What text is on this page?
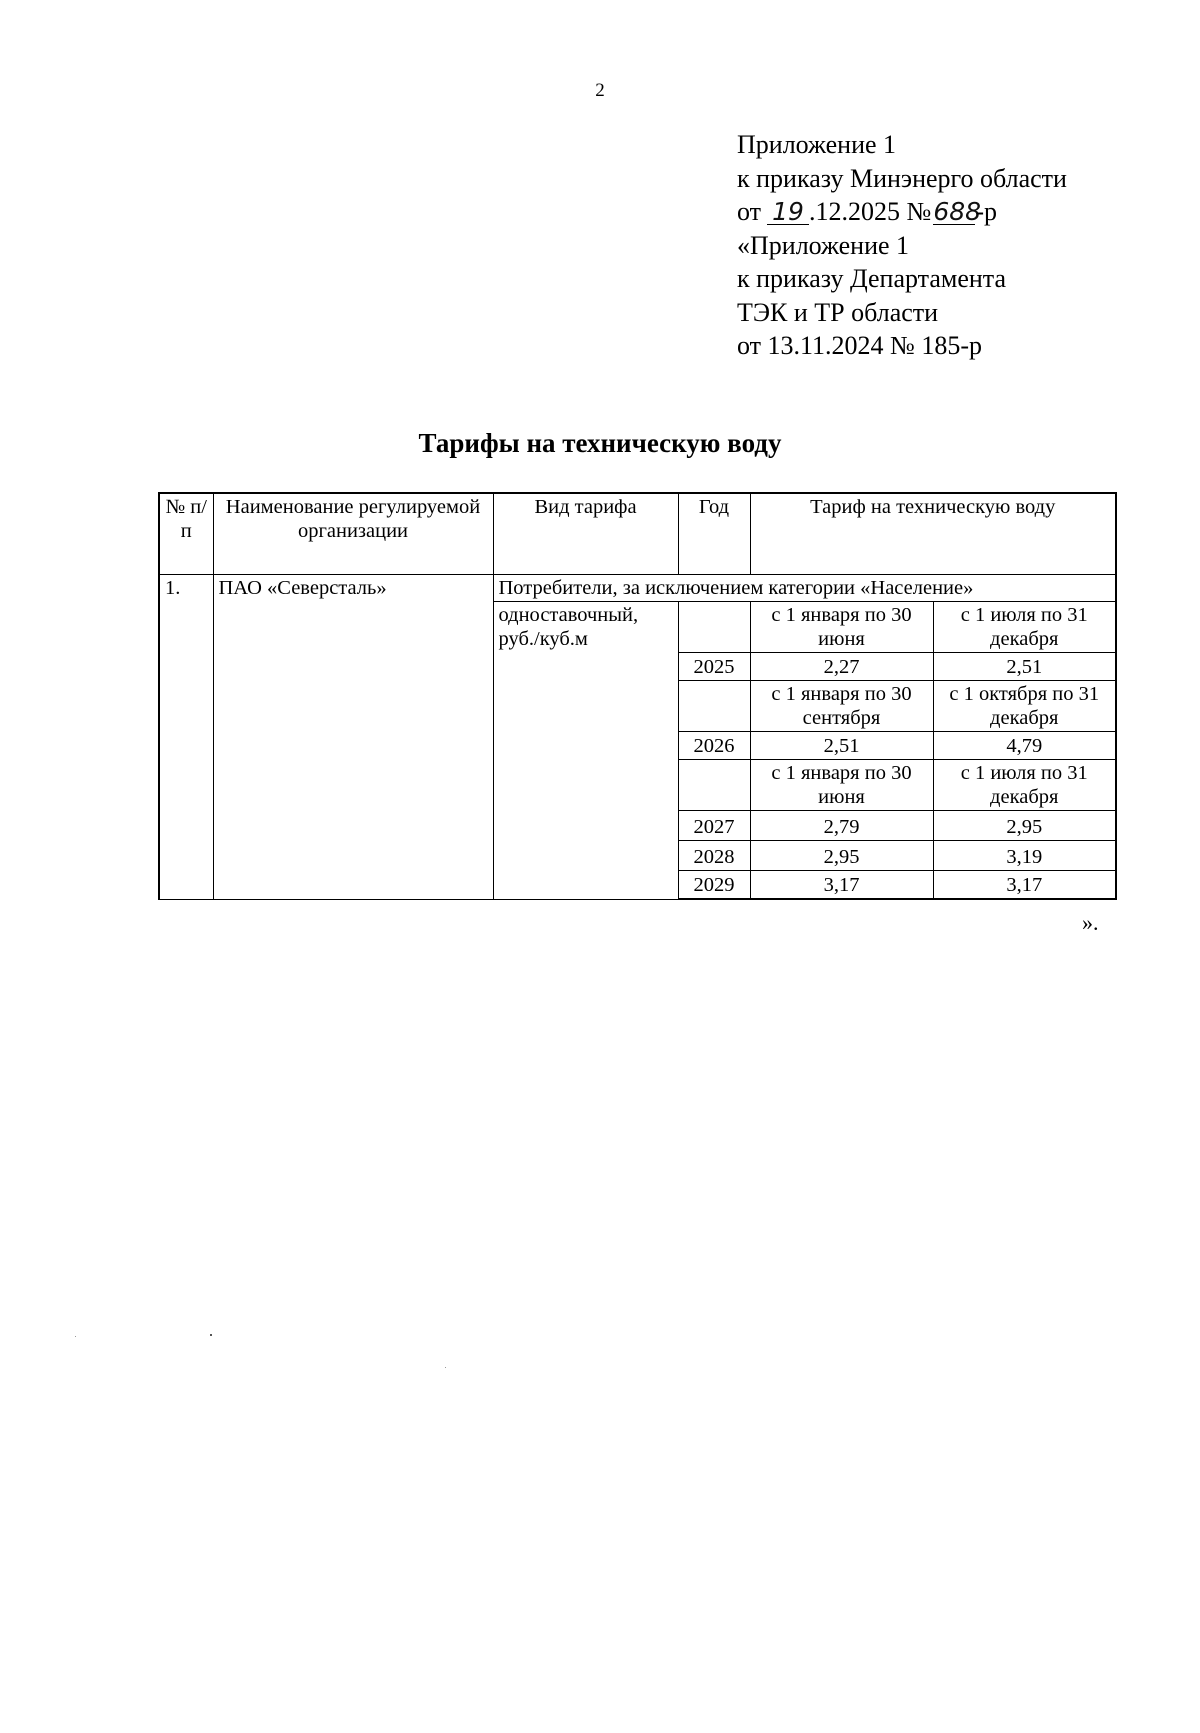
2
Приложение 1
к приказу Минэнерго области
от 19 .12.2025 №688-р
«Приложение 1
к приказу Департамента
ТЭК и ТР области
от 13.11.2024 № 185-р
Тарифы на техническую воду
№ п/п	Наименование регулируемой организации	Вид тарифа	Год	Тариф на техническую воду	
1.	ПАО «Северсталь»	Потребители, за исключением категории «Население»			
		одноставочный, руб./куб.м		с 1 января по 30 июня	с 1 июля по 31 декабря
			2025	2,27	2,51
				с 1 января по 30 сентября	с 1 октября по 31 декабря
			2026	2,51	4,79
				с 1 января по 30 июня	с 1 июля по 31 декабря
			2027	2,79	2,95
			2028	2,95	3,19
			2029	3,17	3,17

».
